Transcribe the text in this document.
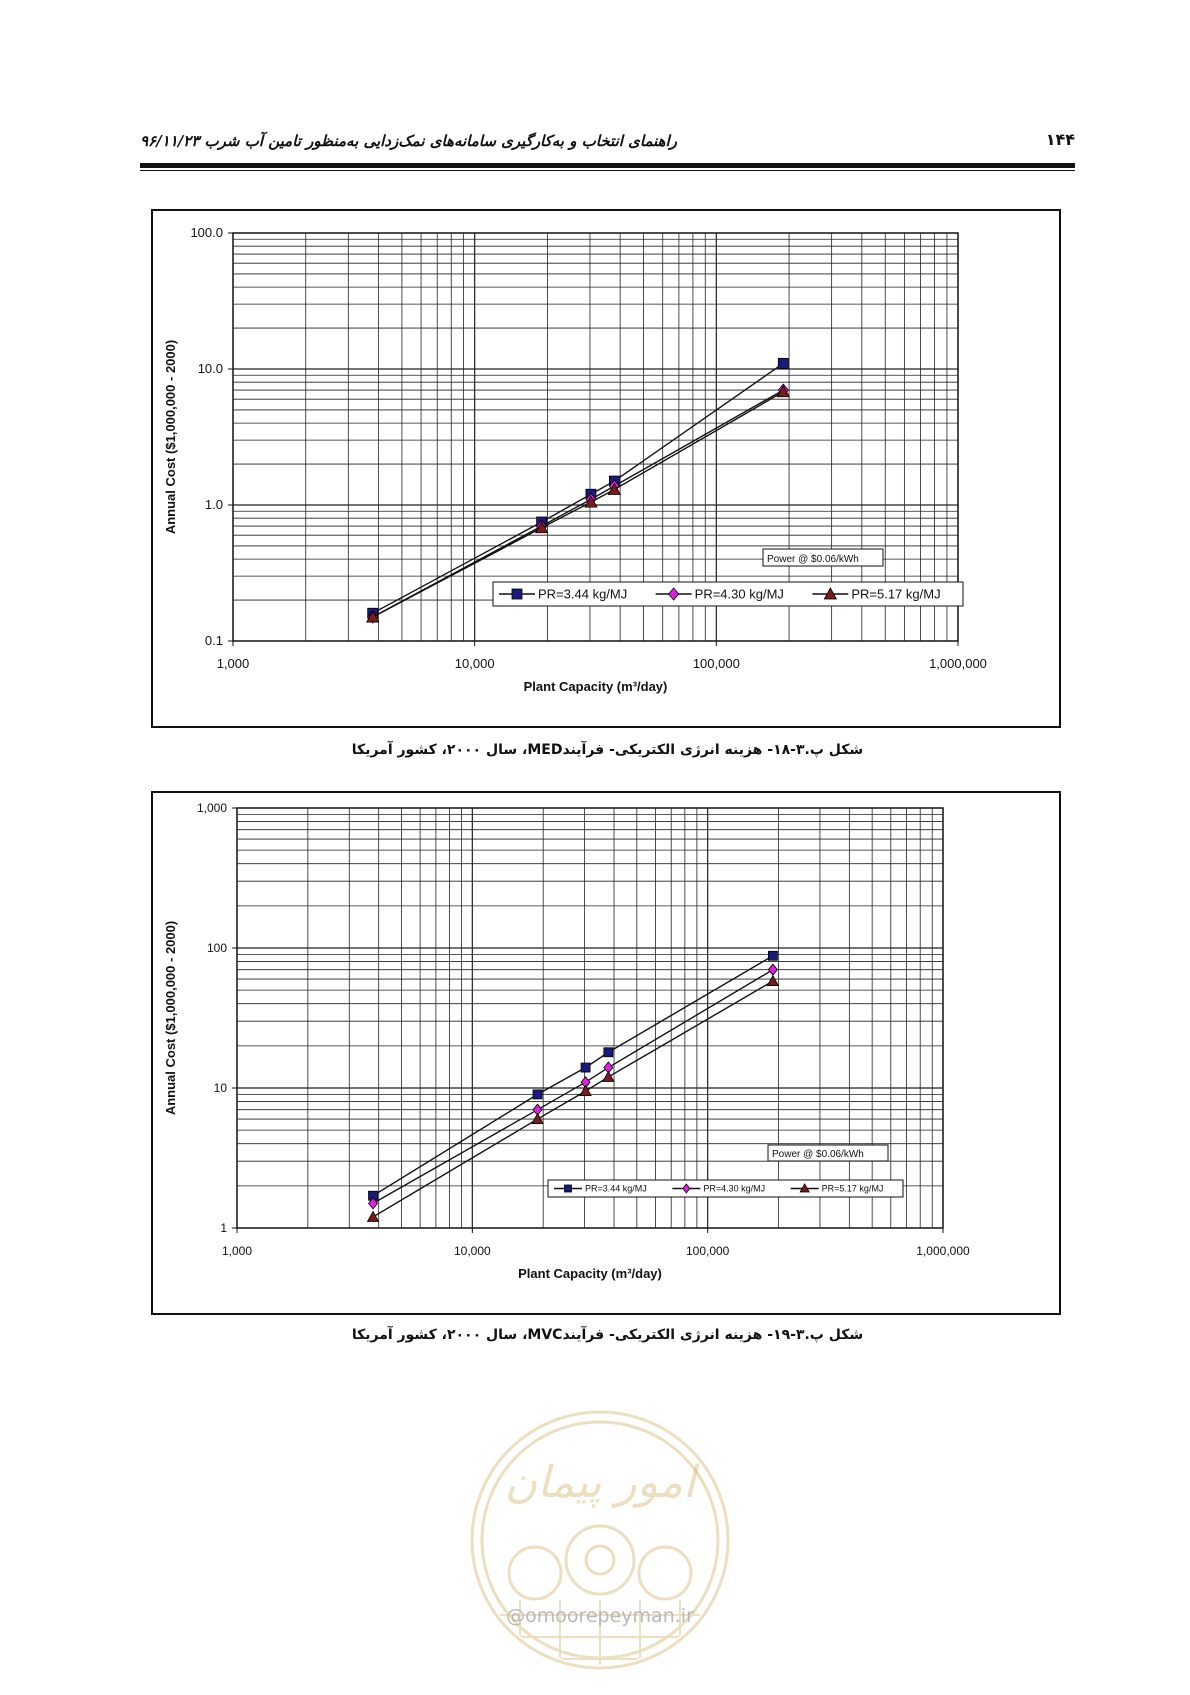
۱۴۴
راهنمای انتخاب و به‌کارگیری سامانه‌های نمک‌زدایی به‌منظور تامین آب شرب ۹۶/۱۱/۲۳
0.1
1.0
10.0
100.0
1,000	10,000	100,000	1,000,000
Plant Capacity (m³/day)
Annual Cost ($1,000,000 - 2000)
Power @ $0.06/kWh
PR=3.44 kg/MJ	PR=4.30 kg/MJ	PR=5.17 kg/MJ
شکل پ.۳-۱۸- هزینه انرژی الکتریکی- فرآیندMED، سال ۲۰۰۰، کشور آمریکا
1
10
100
1,000
1,000	10,000	100,000	1,000,000
Plant Capacity (m³/day)
Annual Cost ($1,000,000 - 2000)
Power @ $0.06/kWh
PR=3.44 kg/MJ	PR=4.30 kg/MJ	PR=5.17 kg/MJ
شکل پ.۳-۱۹- هزینه انرژی الکتریکی- فرآیندMVC، سال ۲۰۰۰، کشور آمریکا
امور پیمان
@omoorepeyman.ir
